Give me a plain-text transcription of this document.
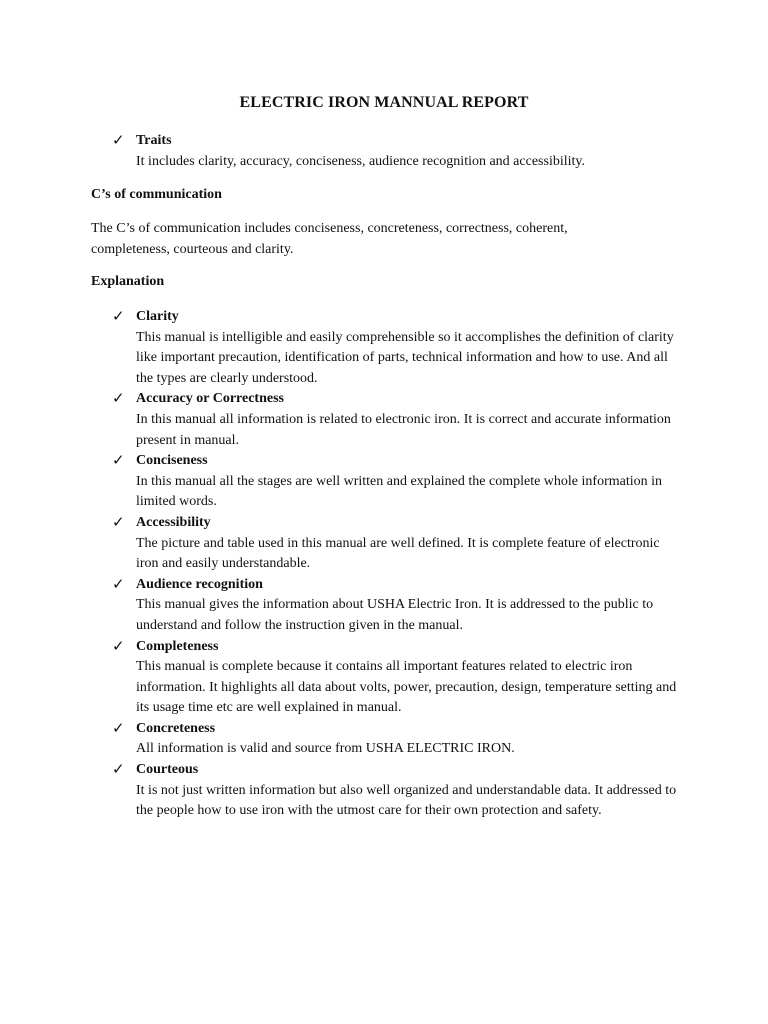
ELECTRIC IRON MANNUAL REPORT
✓ Traits
It includes clarity, accuracy, conciseness, audience recognition and accessibility.
C’s of communication
The C’s of communication includes conciseness, concreteness, correctness, coherent, completeness, courteous and clarity.
Explanation
✓ Clarity
This manual is intelligible and easily comprehensible so it accomplishes the definition of clarity like important precaution, identification of parts, technical information and how to use. And all the types are clearly understood.
✓ Accuracy or Correctness
In this manual all information is related to electronic iron. It is correct and accurate information present in manual.
✓ Conciseness
In this manual all the stages are well written and explained the complete whole information in limited words.
✓ Accessibility
The picture and table used in this manual are well defined. It is complete feature of electronic iron and easily understandable.
✓ Audience recognition
This manual gives the information about USHA Electric Iron. It is addressed to the public to understand and follow the instruction given in the manual.
✓ Completeness
This manual is complete because it contains all important features related to electric iron information. It highlights all data about volts, power, precaution, design, temperature setting and its usage time etc are well explained in manual.
✓ Concreteness
All information is valid and source from USHA ELECTRIC IRON.
✓ Courteous
It is not just written information but also well organized and understandable data. It addressed to the people how to use iron with the utmost care for their own protection and safety.
